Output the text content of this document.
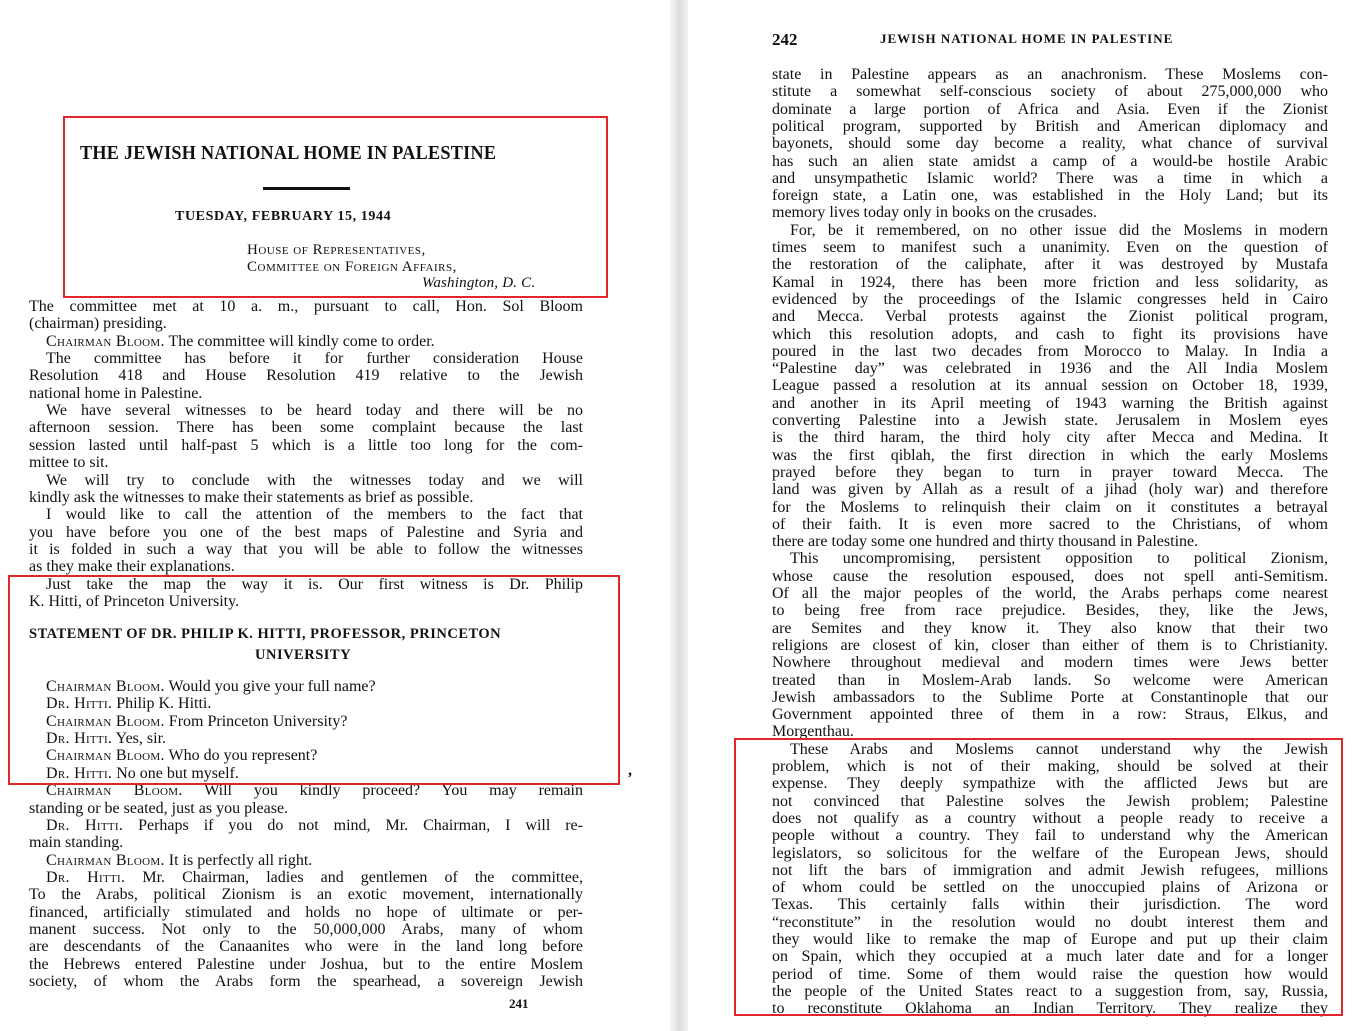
THE JEWISH NATIONAL HOME IN PALESTINE
TUESDAY, FEBRUARY 15, 1944
House of Representatives,
Committee on Foreign Affairs,
Washington, D. C.
The committee met at 10 a. m., pursuant to call, Hon. Sol Bloom
(chairman) presiding.
Chairman Bloom. The committee will kindly come to order.
The committee has before it for further consideration House
Resolution 418 and House Resolution 419 relative to the Jewish
national home in Palestine.
We have several witnesses to be heard today and there will be no
afternoon session. There has been some complaint because the last
session lasted until half-past 5 which is a little too long for the com-
mittee to sit.
We will try to conclude with the witnesses today and we will
kindly ask the witnesses to make their statements as brief as possible.
I would like to call the attention of the members to the fact that
you have before you one of the best maps of Palestine and Syria and
it is folded in such a way that you will be able to follow the witnesses
as they make their explanations.
Just take the map the way it is. Our first witness is Dr. Philip
K. Hitti, of Princeton University.
STATEMENT OF DR. PHILIP K. HITTI, PROFESSOR, PRINCETON
UNIVERSITY
Chairman Bloom. Would you give your full name?
Dr. Hitti. Philip K. Hitti.
Chairman Bloom. From Princeton University?
Dr. Hitti. Yes, sir.
Chairman Bloom. Who do you represent?
Dr. Hitti. No one but myself.
Chairman Bloom. Will you kindly proceed? You may remain
standing or be seated, just as you please.
Dr. Hitti. Perhaps if you do not mind, Mr. Chairman, I will re-
main standing.
Chairman Bloom. It is perfectly all right.
Dr. Hitti. Mr. Chairman, ladies and gentlemen of the committee,
To the Arabs, political Zionism is an exotic movement, internationally
financed, artificially stimulated and holds no hope of ultimate or per-
manent success. Not only to the 50,000,000 Arabs, many of whom
are descendants of the Canaanites who were in the land long before
the Hebrews entered Palestine under Joshua, but to the entire Moslem
society, of whom the Arabs form the spearhead, a sovereign Jewish
241
,
242	JEWISH NATIONAL HOME IN PALESTINE
state in Palestine appears as an anachronism. These Moslems con-
stitute a somewhat self-conscious society of about 275,000,000 who
dominate a large portion of Africa and Asia. Even if the Zionist
political program, supported by British and American diplomacy and
bayonets, should some day become a reality, what chance of survival
has such an alien state amidst a camp of a would-be hostile Arabic
and unsympathetic Islamic world? There was a time in which a
foreign state, a Latin one, was established in the Holy Land; but its
memory lives today only in books on the crusades.
For, be it remembered, on no other issue did the Moslems in modern
times seem to manifest such a unanimity. Even on the question of
the restoration of the caliphate, after it was destroyed by Mustafa
Kamal in 1924, there has been more friction and less solidarity, as
evidenced by the proceedings of the Islamic congresses held in Cairo
and Mecca. Verbal protests against the Zionist political program,
which this resolution adopts, and cash to fight its provisions have
poured in the last two decades from Morocco to Malay. In India a
“Palestine day” was celebrated in 1936 and the All India Moslem
League passed a resolution at its annual session on October 18, 1939,
and another in its April meeting of 1943 warning the British against
converting Palestine into a Jewish state. Jerusalem in Moslem eyes
is the third haram, the third holy city after Mecca and Medina. It
was the first qiblah, the first direction in which the early Moslems
prayed before they began to turn in prayer toward Mecca. The
land was given by Allah as a result of a jihad (holy war) and therefore
for the Moslems to relinquish their claim on it constitutes a betrayal
of their faith. It is even more sacred to the Christians, of whom
there are today some one hundred and thirty thousand in Palestine.
This uncompromising, persistent opposition to political Zionism,
whose cause the resolution espoused, does not spell anti-Semitism.
Of all the major peoples of the world, the Arabs perhaps come nearest
to being free from race prejudice. Besides, they, like the Jews,
are Semites and they know it. They also know that their two
religions are closest of kin, closer than either of them is to Christianity.
Nowhere throughout medieval and modern times were Jews better
treated than in Moslem-Arab lands. So welcome were American
Jewish ambassadors to the Sublime Porte at Constantinople that our
Government appointed three of them in a row: Straus, Elkus, and
Morgenthau.
These Arabs and Moslems cannot understand why the Jewish
problem, which is not of their making, should be solved at their
expense. They deeply sympathize with the afflicted Jews but are
not convinced that Palestine solves the Jewish problem; Palestine
does not qualify as a country without a people ready to receive a
people without a country. They fail to understand why the American
legislators, so solicitous for the welfare of the European Jews, should
not lift the bars of immigration and admit Jewish refugees, millions
of whom could be settled on the unoccupied plains of Arizona or
Texas. This certainly falls within their jurisdiction. The word
“reconstitute” in the resolution would no doubt interest them and
they would like to remake the map of Europe and put up their claim
on Spain, which they occupied at a much later date and for a longer
period of time. Some of them would raise the question how would
the people of the United States react to a suggestion from, say, Russia,
to reconstitute Oklahoma an Indian Territory. They realize they
